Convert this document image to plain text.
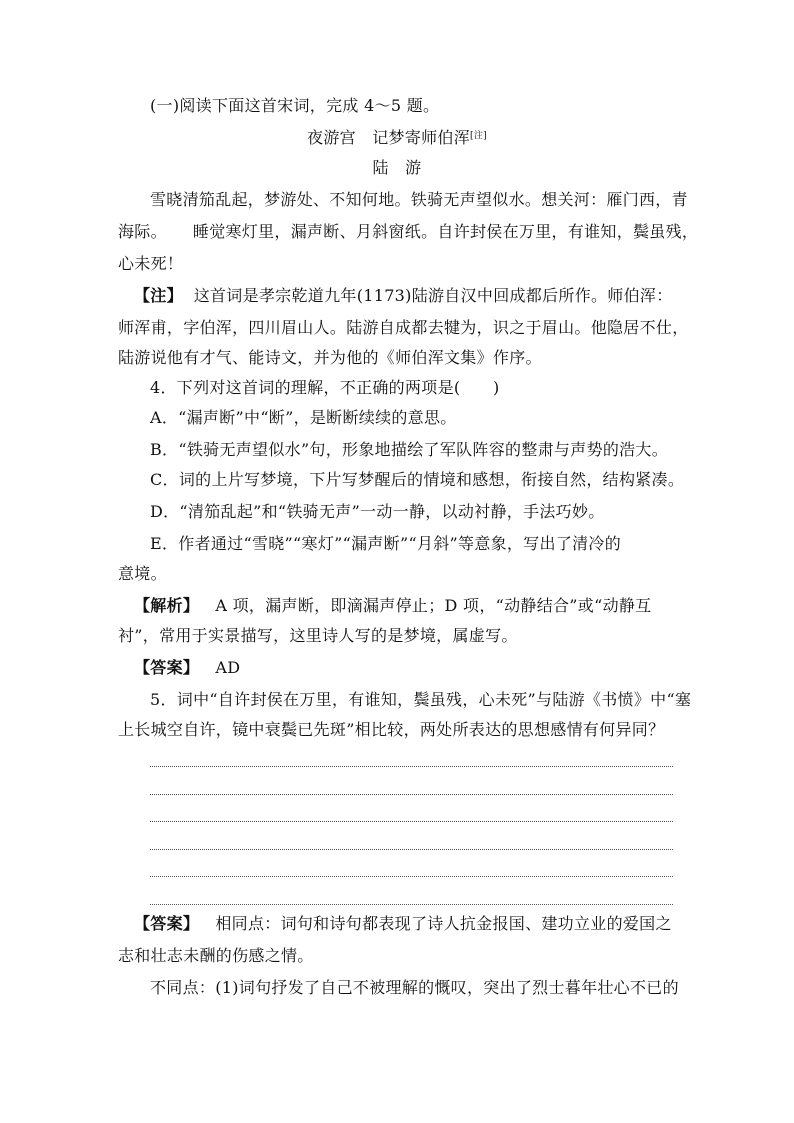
(一)阅读下面这首宋词，完成 4～5 题。
夜游宫　记梦寄师伯浑[注]
陆　游
雪晓清笳乱起，梦游处、不知何地。铁骑无声望似水。想关河：雁门西，青
海际。 睡觉寒灯里，漏声断、月斜窗纸。自许封侯在万里，有谁知，鬓虽残，
心未死！
【注】 这首词是孝宗乾道九年(1173)陆游自汉中回成都后所作。师伯浑：
师浑甫，字伯浑，四川眉山人。陆游自成都去犍为，识之于眉山。他隐居不仕，
陆游说他有才气、能诗文，并为他的《师伯浑文集》作序。
4．下列对这首词的理解，不正确的两项是(　　)
A．“漏声断”中“断”，是断断续续的意思。
B．“铁骑无声望似水”句，形象地描绘了军队阵容的整肃与声势的浩大。
C．词的上片写梦境，下片写梦醒后的情境和感想，衔接自然，结构紧凑。
D．“清笳乱起”和“铁骑无声”一动一静，以动衬静，手法巧妙。
E．作者通过“雪晓”“寒灯”“漏声断”“月斜”等意象，写出了清冷的
意境。
【解析】 A 项，漏声断，即滴漏声停止；D 项，“动静结合”或“动静互
衬”，常用于实景描写，这里诗人写的是梦境，属虚写。
【答案】 AD
5．词中“自许封侯在万里，有谁知，鬓虽残，心未死”与陆游《书愤》中“塞
上长城空自许，镜中衰鬓已先斑”相比较，两处所表达的思想感情有何异同？
【答案】 相同点：词句和诗句都表现了诗人抗金报国、建功立业的爱国之
志和壮志未酬的伤感之情。
不同点：(1)词句抒发了自己不被理解的慨叹，突出了烈士暮年壮心不已的
